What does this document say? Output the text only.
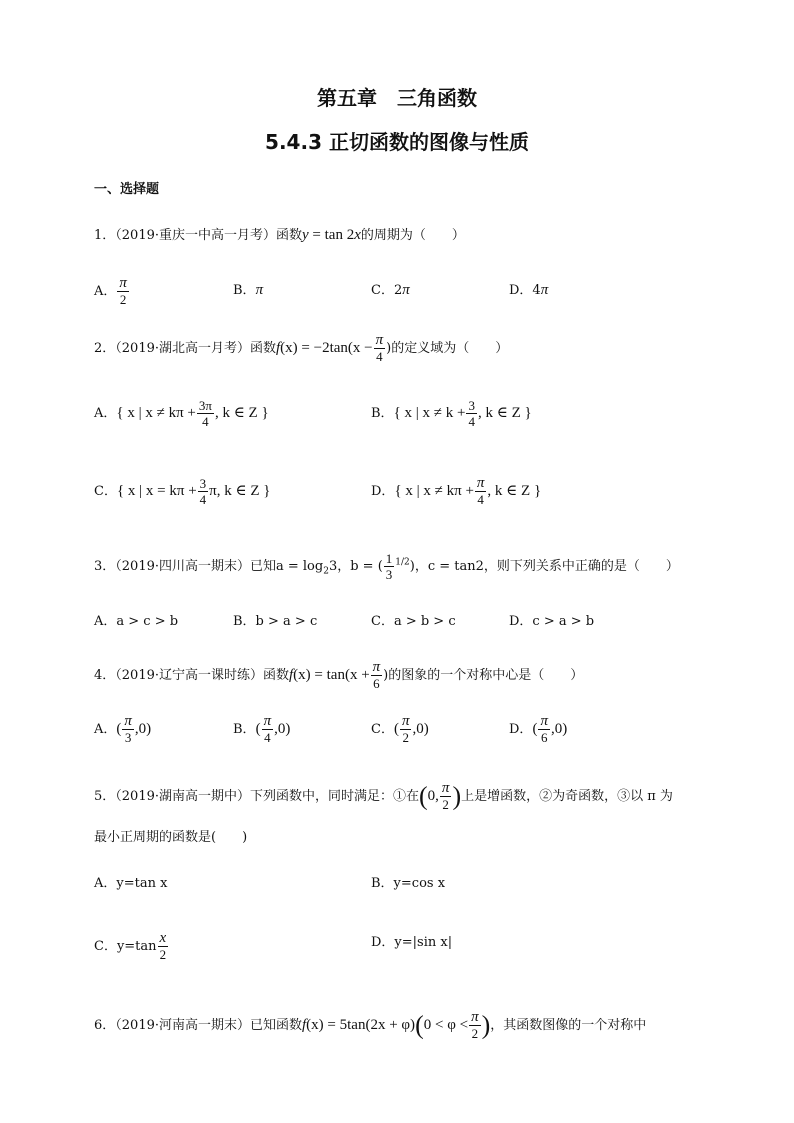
第五章　三角函数
5.4.3 正切函数的图像与性质
一、选择题
1．（2019·重庆一中高一月考）函数y = tan 2x的周期为（　　）
A． $\frac{\pi}{2}$	B．π	C．2π	D．4π
2．（2019·湖北高一月考）函数$f(x) = -2\tan(x - \frac{\pi}{4}$ )的定义域为（　　）
A．{ x | $x \ne k\pi + \frac{3\pi}{4}$ , k ∈ Z }	B．{ x | $x \ne k + \frac{3}{4}$ , k ∈ Z }
C．{ x | $x = k\pi + \frac{3}{4} \pi$, k ∈ Z }	D．{ x | $x \ne k\pi + \frac{\pi}{4}$ , k ∈ Z }
3．（2019·四川高一期末）已知$a = \log_23$，b = ( $\frac{1}{3} ^{1/2}$)，c = tan2，则下列关系中正确的是（　　）
A．a > c > b	B．b > a > c	C．a > b > c	D．c > a > b
4．（2019·辽宁高一课时练）函数$f(x) = \tan(x + \frac{\pi}{6}$ )的图象的一个对称中心是（　　）
A．( $\frac{\pi}{3} ,0$)	B．( $\frac{\pi}{4} ,0$)	C．( $\frac{\pi}{2} ,0$)	D．( $\frac{\pi}{6} ,0$)
5．（2019·湖南高一期中）下列函数中，同时满足：①在(0, $\frac{\pi}{2}$ )上是增函数，②为奇函数，③以 π 为
最小正周期的函数是(　　)
A．y=tan x	B．y=cos x
C．$y=\tan \frac{x}{2}$	D．y=|sin x|
6．（2019·河南高一期末）已知函数$f(x) = 5\tan(2x + \varphi)(0 < \varphi < \frac{\pi}{2}$ )，其函数图像的一个对称中
